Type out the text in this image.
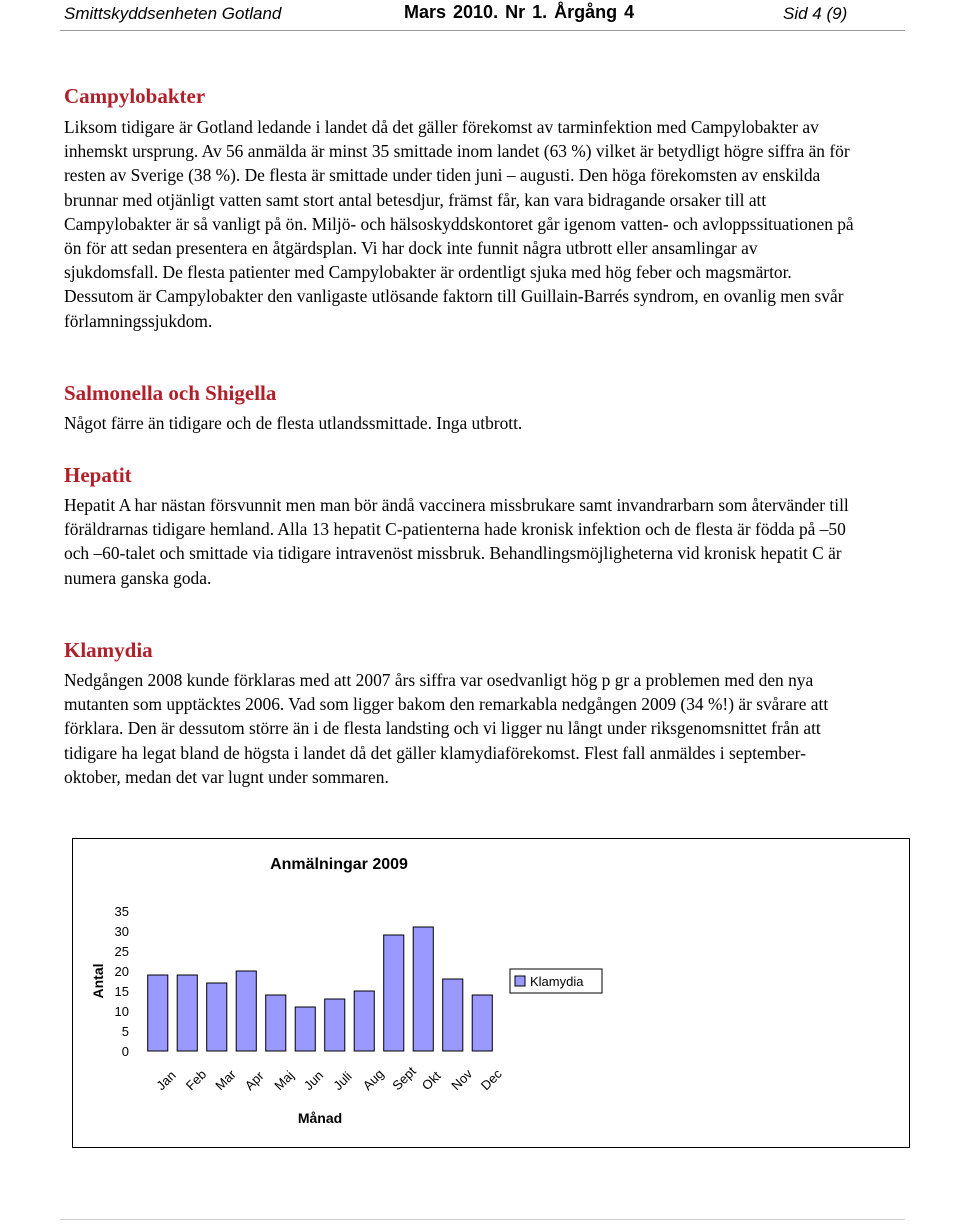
Smittskyddsenheten Gotland	Mars 2010. Nr 1. Årgång 4	Sid 4 (9)
Campylobakter

Liksom tidigare är Gotland ledande i landet då det gäller förekomst av tarminfektion med Campylobakter av inhemskt ursprung. Av 56 anmälda är minst 35 smittade inom landet (63 %) vilket är betydligt högre siffra än för resten av Sverige (38 %). De flesta är smittade under tiden juni – augusti. Den höga förekomsten av enskilda brunnar med otjänligt vatten samt stort antal betesdjur, främst får, kan vara bidragande orsaker till att Campylobakter är så vanligt på ön. Miljö- och hälsoskyddskontoret går igenom vatten- och avloppssituationen på ön för att sedan presentera en åtgärdsplan. Vi har dock inte funnit några utbrott eller ansamlingar av sjukdomsfall. De flesta patienter med Campylobakter är ordentligt sjuka med hög feber och magsmärtor. Dessutom är Campylobakter den vanligaste utlösande faktorn till Guillain-Barrés syndrom, en ovanlig men svår förlamningssjukdom.

Salmonella och Shigella

Något färre än tidigare och de flesta utlandssmittade. Inga utbrott.

Hepatit

Hepatit A har nästan försvunnit men man bör ändå vaccinera missbrukare samt invandrarbarn som återvänder till föräldrarnas tidigare hemland. Alla 13 hepatit C-patienterna hade kronisk infektion och de flesta är födda på –50 och –60-talet och smittade via tidigare intravenöst missbruk. Behandlingsmöjligheterna vid kronisk hepatit C är numera ganska goda.

Klamydia

Nedgången 2008 kunde förklaras med att 2007 års siffra var osedvanligt hög p gr a problemen med den nya mutanten som upptäcktes 2006. Vad som ligger bakom den remarkabla nedgången 2009 (34 %!) är svårare att förklara. Den är dessutom större än i de flesta landsting och vi ligger nu långt under riksgenomsnittet från att tidigare ha legat bland de högsta i landet då det gäller klamydiaförekomst. Flest fall anmäldes i september-oktober, medan det var lugnt under sommaren.

Anmälningar 2009
Antal
Månad
0
5
10
15
20
25
30
35
Jan Feb Mar Apr Maj Jun Juli Aug Sept Okt Nov Dec
Klamydia
